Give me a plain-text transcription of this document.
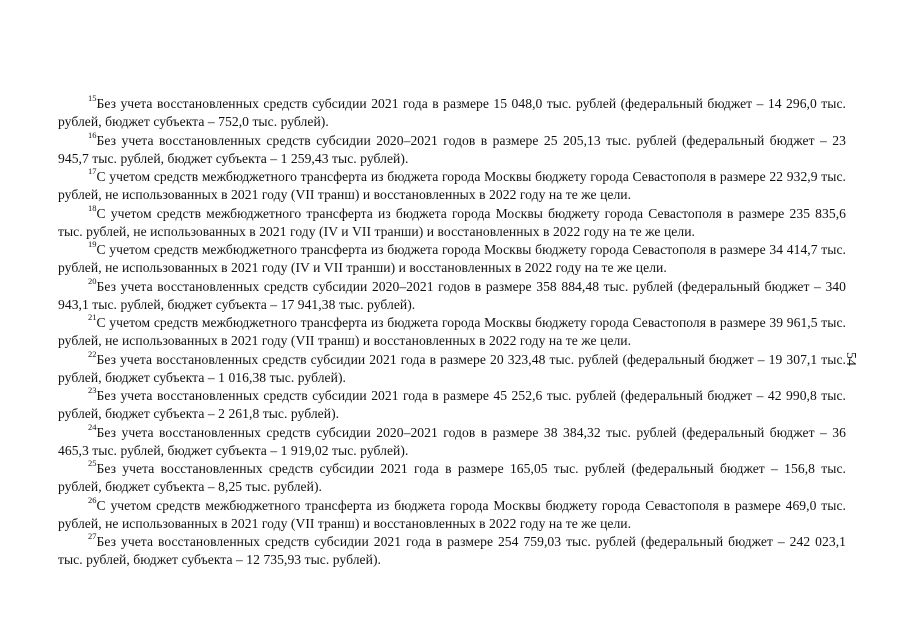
$^{15}$Без учета восстановленных средств субсидии 2021 года в размере 15 048,0 тыс. рублей (федеральный бюджет – 14 296,0 тыс. рублей, бюджет субъекта – 752,0 тыс. рублей).

$^{16}$Без учета восстановленных средств субсидии 2020–2021 годов в размере 25 205,13 тыс. рублей (федеральный бюджет – 23 945,7 тыс. рублей, бюджет субъекта – 1 259,43 тыс. рублей).

$^{17}$С учетом средств межбюджетного трансферта из бюджета города Москвы бюджету города Севастополя в размере 22 932,9 тыс. рублей, не использованных в 2021 году (VII транш) и восстановленных в 2022 году на те же цели.

$^{18}$С учетом средств межбюджетного трансферта из бюджета города Москвы бюджету города Севастополя в размере 235 835,6 тыс. рублей, не использованных в 2021 году (IV и VII транши) и восстановленных в 2022 году на те же цели.

$^{19}$С учетом средств межбюджетного трансферта из бюджета города Москвы бюджету города Севастополя в размере 34 414,7 тыс. рублей, не использованных в 2021 году (IV и VII транши) и восстановленных в 2022 году на те же цели.

$^{20}$Без учета восстановленных средств субсидии 2020–2021 годов в размере 358 884,48 тыс. рублей (федеральный бюджет – 340 943,1 тыс. рублей, бюджет субъекта – 17 941,38 тыс. рублей).

$^{21}$С учетом средств межбюджетного трансферта из бюджета города Москвы бюджету города Севастополя в размере 39 961,5 тыс. рублей, не использованных в 2021 году (VII транш) и восстановленных в 2022 году на те же цели.

$^{22}$Без учета восстановленных средств субсидии 2021 года в размере 20 323,48 тыс. рублей (федеральный бюджет – 19 307,1 тыс. рублей, бюджет субъекта – 1 016,38 тыс. рублей).

$^{23}$Без учета восстановленных средств субсидии 2021 года в размере 45 252,6 тыс. рублей (федеральный бюджет – 42 990,8 тыс. рублей, бюджет субъекта – 2 261,8 тыс. рублей).

$^{24}$Без учета восстановленных средств субсидии 2020–2021 годов в размере 38 384,32 тыс. рублей (федеральный бюджет – 36 465,3 тыс. рублей, бюджет субъекта – 1 919,02 тыс. рублей).

$^{25}$Без учета восстановленных средств субсидии 2021 года в размере 165,05 тыс. рублей (федеральный бюджет – 156,8 тыс. рублей, бюджет субъекта – 8,25 тыс. рублей).

$^{26}$С учетом средств межбюджетного трансферта из бюджета города Москвы бюджету города Севастополя в размере 469,0 тыс. рублей, не использованных в 2021 году (VII транш) и восстановленных в 2022 году на те же цели.

$^{27}$Без учета восстановленных средств субсидии 2021 года в размере 254 759,03 тыс. рублей (федеральный бюджет – 242 023,1 тыс. рублей, бюджет субъекта – 12 735,93 тыс. рублей).

54
